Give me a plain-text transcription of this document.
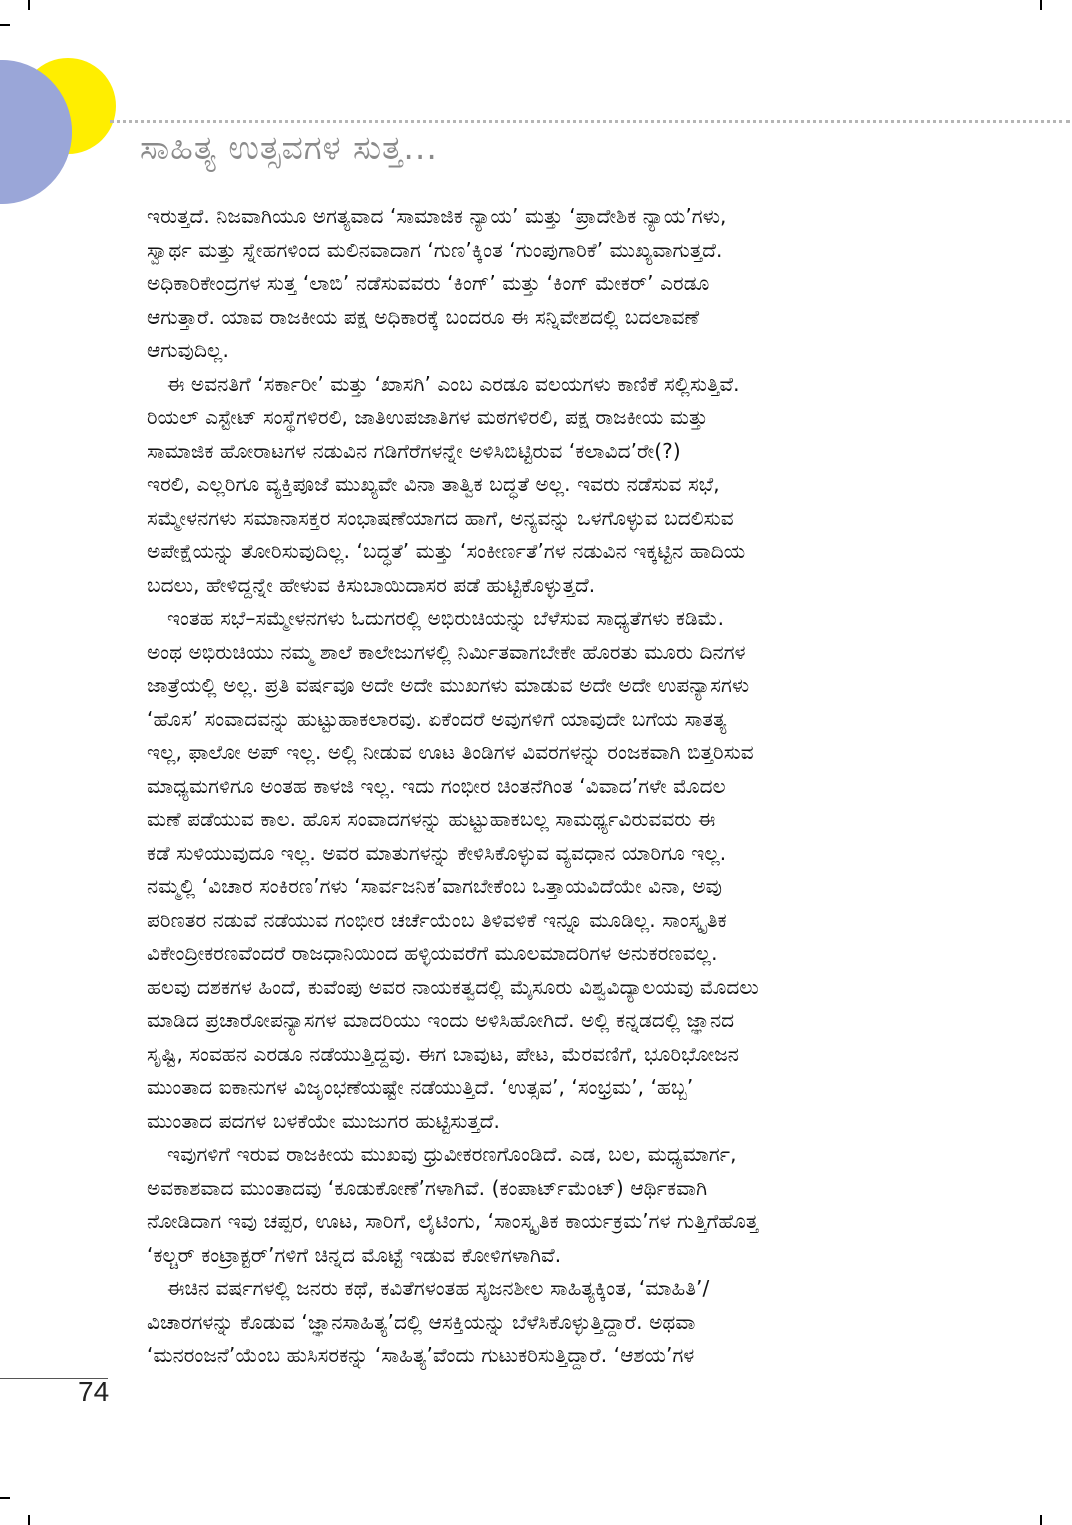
ಸಾಹಿತ್ಯ ಉತ್ಸವಗಳ ಸುತ್ತ...
ಇರುತ್ತದೆ. ನಿಜವಾಗಿಯೂ ಅಗತ್ಯವಾದ ‘ಸಾಮಾಜಿಕ ನ್ಯಾಯ’ ಮತ್ತು ‘ಪ್ರಾದೇಶಿಕ ನ್ಯಾಯ’ಗಳು,
ಸ್ವಾರ್ಥ ಮತ್ತು ಸ್ನೇಹಗಳಿಂದ ಮಲಿನವಾದಾಗ ‘ಗುಣ’ಕ್ಕಿಂತ ‘ಗುಂಪುಗಾರಿಕೆ’ ಮುಖ್ಯವಾಗುತ್ತದೆ.
ಅಧಿಕಾರಿಕೇಂದ್ರಗಳ ಸುತ್ತ ‘ಲಾಬಿ’ ನಡೆಸುವವರು ‘ಕಿಂಗ್’ ಮತ್ತು ‘ಕಿಂಗ್ ಮೇಕರ್’ ಎರಡೂ
ಆಗುತ್ತಾರೆ. ಯಾವ ರಾಜಕೀಯ ಪಕ್ಷ ಅಧಿಕಾರಕ್ಕೆ ಬಂದರೂ ಈ ಸನ್ನಿವೇಶದಲ್ಲಿ ಬದಲಾವಣೆ
ಆಗುವುದಿಲ್ಲ.
ಈ ಅವನತಿಗೆ ‘ಸರ್ಕಾರೀ’ ಮತ್ತು ‘ಖಾಸಗಿ’ ಎಂಬ ಎರಡೂ ವಲಯಗಳು ಕಾಣಿಕೆ ಸಲ್ಲಿಸುತ್ತಿವೆ.
ರಿಯಲ್ ಎಸ್ಟೇಟ್ ಸಂಸ್ಥೆಗಳಿರಲಿ, ಜಾತಿಉಪಜಾತಿಗಳ ಮಠಗಳಿರಲಿ, ಪಕ್ಷ ರಾಜಕೀಯ ಮತ್ತು
ಸಾಮಾಜಿಕ ಹೋರಾಟಗಳ ನಡುವಿನ ಗಡಿಗೆರೆಗಳನ್ನೇ ಅಳಿಸಿಬಿಟ್ಟಿರುವ ‘ಕಲಾವಿದ’ರೇ(?)
ಇರಲಿ, ಎಲ್ಲರಿಗೂ ವ್ಯಕ್ತಿಪೂಜೆ ಮುಖ್ಯವೇ ವಿನಾ ತಾತ್ವಿಕ ಬದ್ಧತೆ ಅಲ್ಲ. ಇವರು ನಡೆಸುವ ಸಭೆ,
ಸಮ್ಮೇಳನಗಳು ಸಮಾನಾಸಕ್ತರ ಸಂಭಾಷಣೆಯಾಗದ ಹಾಗೆ, ಅನ್ಯವನ್ನು ಒಳಗೊಳ್ಳುವ ಬದಲಿಸುವ
ಅಪೇಕ್ಷೆಯನ್ನು ತೋರಿಸುವುದಿಲ್ಲ. ‘ಬದ್ಧತೆ’ ಮತ್ತು ‘ಸಂಕೀರ್ಣತೆ’ಗಳ ನಡುವಿನ ಇಕ್ಕಟ್ಟಿನ ಹಾದಿಯ
ಬದಲು, ಹೇಳಿದ್ದನ್ನೇ ಹೇಳುವ ಕಿಸುಬಾಯಿದಾಸರ ಪಡೆ ಹುಟ್ಟಿಕೊಳ್ಳುತ್ತದೆ.
ಇಂತಹ ಸಭೆ–ಸಮ್ಮೇಳನಗಳು ಓದುಗರಲ್ಲಿ ಅಭಿರುಚಿಯನ್ನು ಬೆಳೆಸುವ ಸಾಧ್ಯತೆಗಳು ಕಡಿಮೆ.
ಅಂಥ ಅಭಿರುಚಿಯು ನಮ್ಮ ಶಾಲೆ ಕಾಲೇಜುಗಳಲ್ಲಿ ನಿರ್ಮಿತವಾಗಬೇಕೇ ಹೊರತು ಮೂರು ದಿನಗಳ
ಜಾತ್ರೆಯಲ್ಲಿ ಅಲ್ಲ. ಪ್ರತಿ ವರ್ಷವೂ ಅದೇ ಅದೇ ಮುಖಗಳು ಮಾಡುವ ಅದೇ ಅದೇ ಉಪನ್ಯಾಸಗಳು
‘ಹೊಸ’ ಸಂವಾದವನ್ನು ಹುಟ್ಟುಹಾಕಲಾರವು. ಏಕೆಂದರೆ ಅವುಗಳಿಗೆ ಯಾವುದೇ ಬಗೆಯ ಸಾತತ್ಯ
ಇಲ್ಲ, ಫಾಲೋ ಅಪ್ ಇಲ್ಲ. ಅಲ್ಲಿ ನೀಡುವ ಊಟ ತಿಂಡಿಗಳ ವಿವರಗಳನ್ನು ರಂಜಕವಾಗಿ ಬಿತ್ತರಿಸುವ
ಮಾಧ್ಯಮಗಳಿಗೂ ಅಂತಹ ಕಾಳಜಿ ಇಲ್ಲ. ಇದು ಗಂಭೀರ ಚಿಂತನೆಗಿಂತ ‘ವಿವಾದ’ಗಳೇ ಮೊದಲ
ಮಣೆ ಪಡೆಯುವ ಕಾಲ. ಹೊಸ ಸಂವಾದಗಳನ್ನು ಹುಟ್ಟುಹಾಕಬಲ್ಲ ಸಾಮರ್ಥ್ಯವಿರುವವರು ಈ
ಕಡೆ ಸುಳಿಯುವುದೂ ಇಲ್ಲ. ಅವರ ಮಾತುಗಳನ್ನು ಕೇಳಿಸಿಕೊಳ್ಳುವ ವ್ಯವಧಾನ ಯಾರಿಗೂ ಇಲ್ಲ.
ನಮ್ಮಲ್ಲಿ ‘ವಿಚಾರ ಸಂಕಿರಣ’ಗಳು ‘ಸಾರ್ವಜನಿಕ’ವಾಗಬೇಕೆಂಬ ಒತ್ತಾಯವಿದೆಯೇ ವಿನಾ, ಅವು
ಪರಿಣತರ ನಡುವೆ ನಡೆಯುವ ಗಂಭೀರ ಚರ್ಚೆಯೆಂಬ ತಿಳಿವಳಿಕೆ ಇನ್ನೂ ಮೂಡಿಲ್ಲ. ಸಾಂಸ್ಕೃತಿಕ
ವಿಕೇಂದ್ರೀಕರಣವೆಂದರೆ ರಾಜಧಾನಿಯಿಂದ ಹಳ್ಳಿಯವರೆಗೆ ಮೂಲಮಾದರಿಗಳ ಅನುಕರಣವಲ್ಲ.
ಹಲವು ದಶಕಗಳ ಹಿಂದೆ, ಕುವೆಂಪು ಅವರ ನಾಯಕತ್ವದಲ್ಲಿ ಮೈಸೂರು ವಿಶ್ವವಿದ್ಯಾಲಯವು ಮೊದಲು
ಮಾಡಿದ ಪ್ರಚಾರೋಪನ್ಯಾಸಗಳ ಮಾದರಿಯು ಇಂದು ಅಳಿಸಿಹೋಗಿದೆ. ಅಲ್ಲಿ ಕನ್ನಡದಲ್ಲಿ ಜ್ಞಾನದ
ಸೃಷ್ಟಿ, ಸಂವಹನ ಎರಡೂ ನಡೆಯುತ್ತಿದ್ದವು. ಈಗ ಬಾವುಟ, ಪೇಟ, ಮೆರವಣಿಗೆ, ಭೂರಿಭೋಜನ
ಮುಂತಾದ ಐಕಾನುಗಳ ವಿಜೃಂಭಣೆಯಷ್ಟೇ ನಡೆಯುತ್ತಿದೆ. ‘ಉತ್ಸವ’, ‘ಸಂಭ್ರಮ’, ‘ಹಬ್ಬ’
ಮುಂತಾದ ಪದಗಳ ಬಳಕೆಯೇ ಮುಜುಗರ ಹುಟ್ಟಿಸುತ್ತದೆ.
ಇವುಗಳಿಗೆ ಇರುವ ರಾಜಕೀಯ ಮುಖವು ಧ್ರುವೀಕರಣಗೊಂಡಿದೆ. ಎಡ, ಬಲ, ಮಧ್ಯಮಾರ್ಗ,
ಅವಕಾಶವಾದ ಮುಂತಾದವು ‘ಕೂಡುಕೋಣೆ’ಗಳಾಗಿವೆ. (ಕಂಪಾರ್ಟ್‌ಮೆಂಟ್) ಆರ್ಥಿಕವಾಗಿ
ನೋಡಿದಾಗ ಇವು ಚಪ್ಪರ, ಊಟ, ಸಾರಿಗೆ, ಲೈಟಿಂಗು, ‘ಸಾಂಸ್ಕೃತಿಕ ಕಾರ್ಯಕ್ರಮ’ಗಳ ಗುತ್ತಿಗೆಹೊತ್ತ
‘ಕಲ್ಚರ್ ಕಂಟ್ರಾಕ್ಟರ್’ಗಳಿಗೆ ಚಿನ್ನದ ಮೊಟ್ಟೆ ಇಡುವ ಕೋಳಿಗಳಾಗಿವೆ.
ಈಚಿನ ವರ್ಷಗಳಲ್ಲಿ ಜನರು ಕಥೆ, ಕವಿತೆಗಳಂತಹ ಸೃಜನಶೀಲ ಸಾಹಿತ್ಯಕ್ಕಿಂತ, ‘ಮಾಹಿತಿ’/
ವಿಚಾರಗಳನ್ನು ಕೊಡುವ ‘ಜ್ಞಾನಸಾಹಿತ್ಯ’ದಲ್ಲಿ ಆಸಕ್ತಿಯನ್ನು ಬೆಳೆಸಿಕೊಳ್ಳುತ್ತಿದ್ದಾರೆ. ಅಥವಾ
‘ಮನರಂಜನೆ’ಯೆಂಬ ಹುಸಿಸರಕನ್ನು ‘ಸಾಹಿತ್ಯ’ವೆಂದು ಗುಟುಕರಿಸುತ್ತಿದ್ದಾರೆ. ‘ಆಶಯ’ಗಳ
74
